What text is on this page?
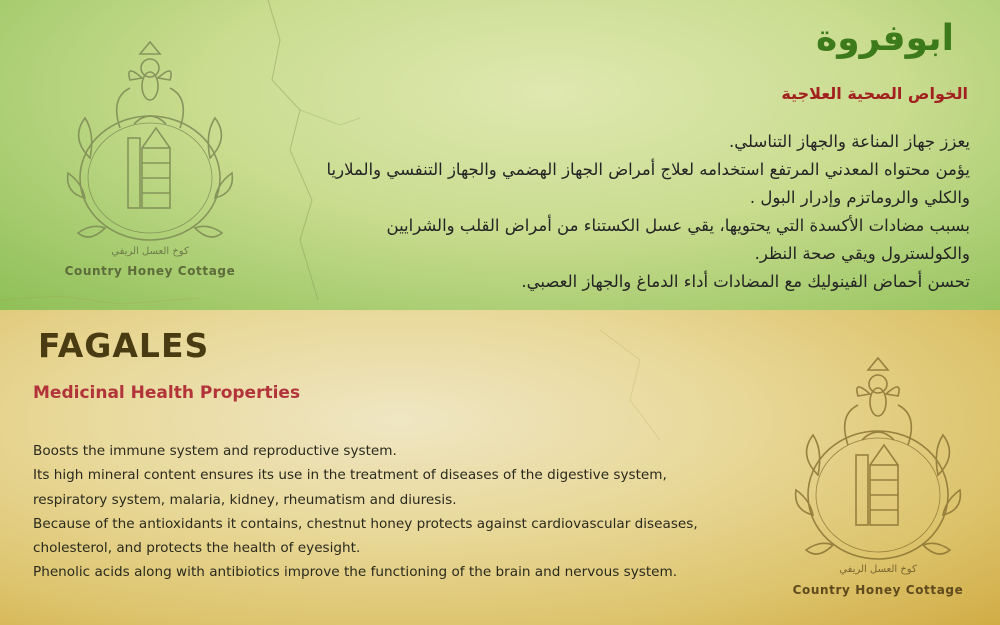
كوخ العسل الريفي
Country Honey Cottage
كوخ العسل الريفي
Country Honey Cottage
ابوفروة
الخواص الصحية العلاجية
يعزز جهاز المناعة والجهاز التناسلي.
يؤمن محتواه المعدني المرتفع استخدامه لعلاج أمراض الجهاز الهضمي والجهاز التنفسي والملاريا
والكلي والروماتزم وإدرار البول .
بسبب مضادات الأكسدة التي يحتويها، يقي عسل الكستناء من أمراض القلب والشرايين
والكولسترول ويقي صحة النظر.
تحسن أحماض الفينوليك مع المضادات أداء الدماغ والجهاز العصبي.
FAGALES
Medicinal Health Properties
Boosts the immune system and reproductive system.
Its high mineral content ensures its use in the treatment of diseases of the digestive system,
respiratory system, malaria, kidney, rheumatism and diuresis.
Because of the antioxidants it contains, chestnut honey protects against cardiovascular diseases,
cholesterol, and protects the health of eyesight.
Phenolic acids along with antibiotics improve the functioning of the brain and nervous system.
